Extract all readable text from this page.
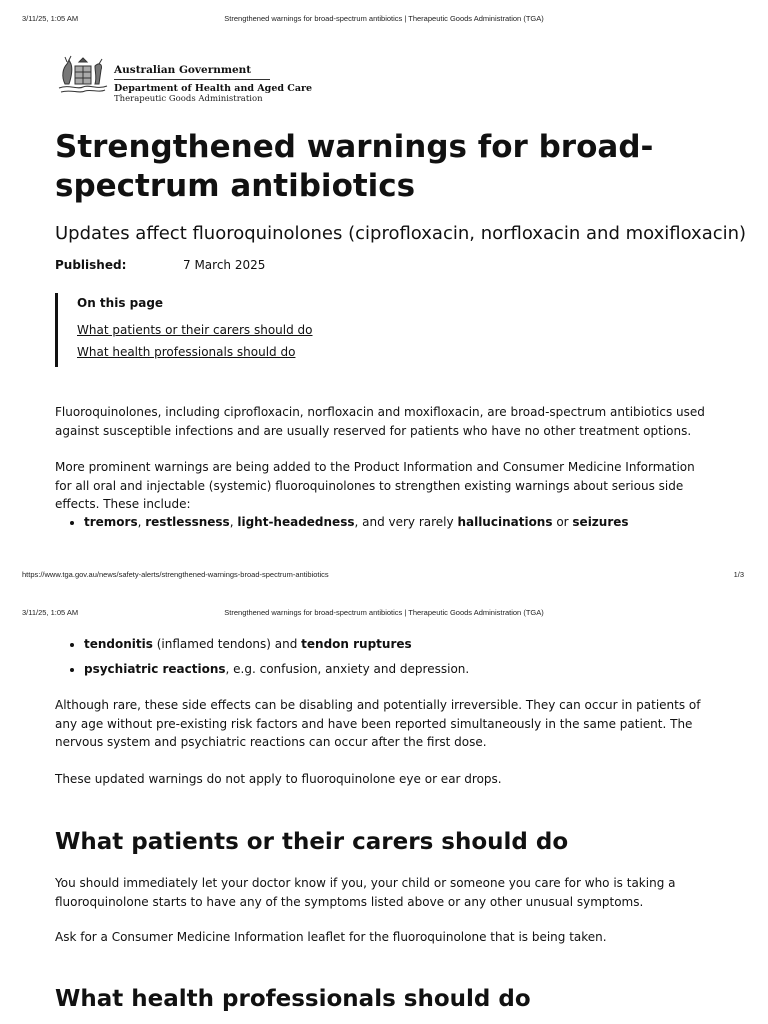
3/11/25, 1:05 AM	Strengthened warnings for broad-spectrum antibiotics | Therapeutic Goods Administration (TGA)
Australian Government
Department of Health and Aged Care
Therapeutic Goods Administration
Strengthened warnings for broad-spectrum antibiotics

Updates affect fluoroquinolones (ciprofloxacin, norfloxacin and moxifloxacin)

Published:	7 March 2025
On this page
What patients or their carers should do
What health professionals should do

Fluoroquinolones, including ciprofloxacin, norfloxacin and moxifloxacin, are broad-spectrum antibiotics used against susceptible infections and are usually reserved for patients who have no other treatment options.

More prominent warnings are being added to the Product Information and Consumer Medicine Information for all oral and injectable (systemic) fluoroquinolones to strengthen existing warnings about serious side effects. These include:

• tremors, restlessness, light-headedness, and very rarely hallucinations or seizures
https://www.tga.gov.au/news/safety-alerts/strengthened-warnings-broad-spectrum-antibiotics	1/3
3/11/25, 1:05 AM	Strengthened warnings for broad-spectrum antibiotics | Therapeutic Goods Administration (TGA)
• tendonitis (inflamed tendons) and tendon ruptures
• psychiatric reactions, e.g. confusion, anxiety and depression.

Although rare, these side effects can be disabling and potentially irreversible. They can occur in patients of any age without pre-existing risk factors and have been reported simultaneously in the same patient. The nervous system and psychiatric reactions can occur after the first dose.

These updated warnings do not apply to fluoroquinolone eye or ear drops.

What patients or their carers should do

You should immediately let your doctor know if you, your child or someone you care for who is taking a fluoroquinolone starts to have any of the symptoms listed above or any other unusual symptoms.

Ask for a Consumer Medicine Information leaflet for the fluoroquinolone that is being taken.

What health professionals should do
